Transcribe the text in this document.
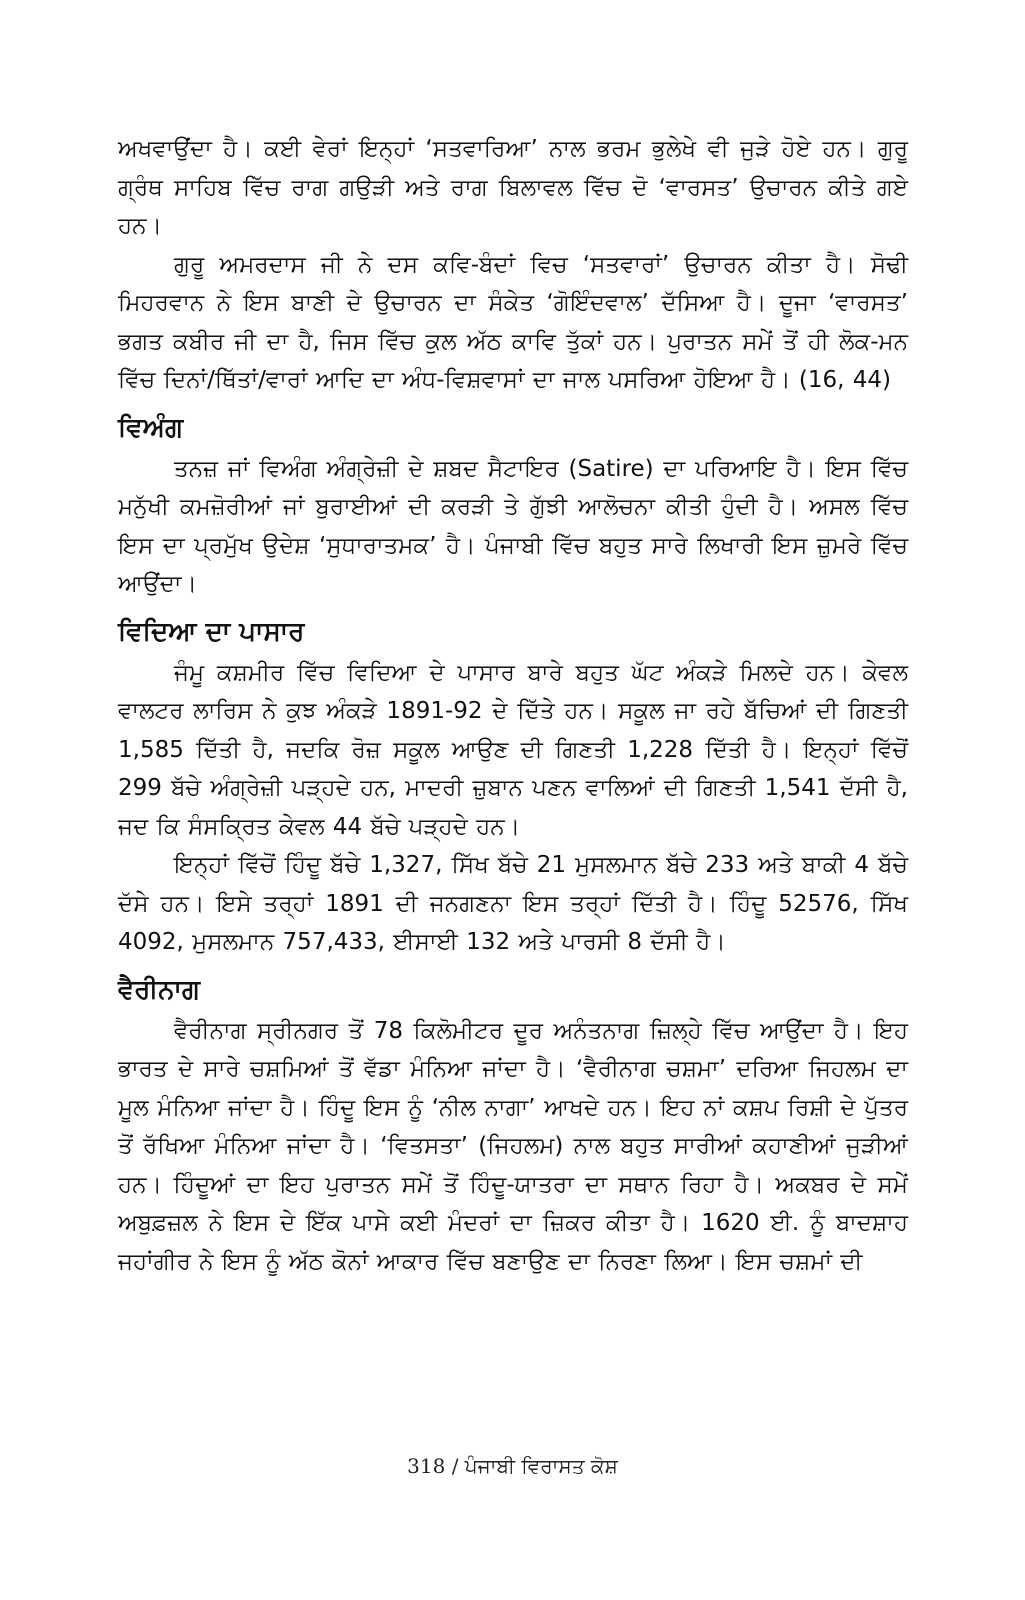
ਅਖਵਾਉਂਦਾ ਹੈ। ਕਈ ਵੇਰਾਂ ਇਨ੍ਹਾਂ ‘ਸਤਵਾਰਿਆ’ ਨਾਲ ਭਰਮ ਭੁਲੇਖੇ ਵੀ ਜੁੜੇ ਹੋਏ ਹਨ। ਗੁਰੂ ਗ੍ਰੰਥ ਸਾਹਿਬ ਵਿੱਚ ਰਾਗ ਗਉੜੀ ਅਤੇ ਰਾਗ ਬਿਲਾਵਲ ਵਿੱਚ ਦੋ ‘ਵਾਰਸਤ’ ਉਚਾਰਨ ਕੀਤੇ ਗਏ ਹਨ।

ਗੁਰੂ ਅਮਰਦਾਸ ਜੀ ਨੇ ਦਸ ਕਵਿ-ਬੰਦਾਂ ਵਿਚ ‘ਸਤਵਾਰਾਂ’ ਉਚਾਰਨ ਕੀਤਾ ਹੈ। ਸੋਢੀ ਮਿਹਰਵਾਨ ਨੇ ਇਸ ਬਾਣੀ ਦੇ ਉਚਾਰਨ ਦਾ ਸੰਕੇਤ ‘ਗੋਇੰਦਵਾਲ’ ਦੱਸਿਆ ਹੈ। ਦੂਜਾ ‘ਵਾਰਸਤ’ ਭਗਤ ਕਬੀਰ ਜੀ ਦਾ ਹੈ, ਜਿਸ ਵਿੱਚ ਕੁਲ ਅੱਠ ਕਾਵਿ ਤੁੱਕਾਂ ਹਨ। ਪੁਰਾਤਨ ਸਮੇਂ ਤੋਂ ਹੀ ਲੋਕ-ਮਨ ਵਿੱਚ ਦਿਨਾਂ/ਥਿੱਤਾਂ/ਵਾਰਾਂ ਆਦਿ ਦਾ ਅੰਧ-ਵਿਸ਼ਵਾਸਾਂ ਦਾ ਜਾਲ ਪਸਰਿਆ ਹੋਇਆ ਹੈ। (16, 44)

ਵਿਅੰਗ

ਤਨਜ਼ ਜਾਂ ਵਿਅੰਗ ਅੰਗ੍ਰੇਜ਼ੀ ਦੇ ਸ਼ਬਦ ਸੈਟਾਇਰ (Satire) ਦਾ ਪਰਿਆਇ ਹੈ। ਇਸ ਵਿੱਚ ਮਨੁੱਖੀ ਕਮਜ਼ੋਰੀਆਂ ਜਾਂ ਬੁਰਾਈਆਂ ਦੀ ਕਰੜੀ ਤੇ ਗੁੱਝੀ ਆਲੋਚਨਾ ਕੀਤੀ ਹੁੰਦੀ ਹੈ। ਅਸਲ ਵਿੱਚ ਇਸ ਦਾ ਪ੍ਰਮੁੱਖ ਉਦੇਸ਼ ‘ਸੁਧਾਰਾਤਮਕ’ ਹੈ। ਪੰਜਾਬੀ ਵਿੱਚ ਬਹੁਤ ਸਾਰੇ ਲਿਖਾਰੀ ਇਸ ਜ਼ੁਮਰੇ ਵਿੱਚ ਆਉਂਦਾ।

ਵਿਦਿਆ ਦਾ ਪਾਸਾਰ

ਜੰਮੂ ਕਸ਼ਮੀਰ ਵਿੱਚ ਵਿਦਿਆ ਦੇ ਪਾਸਾਰ ਬਾਰੇ ਬਹੁਤ ਘੱਟ ਅੰਕੜੇ ਮਿਲਦੇ ਹਨ। ਕੇਵਲ ਵਾਲਟਰ ਲਾਰਿਸ ਨੇ ਕੁਝ ਅੰਕੜੇ 1891-92 ਦੇ ਦਿੱਤੇ ਹਨ। ਸਕੂਲ ਜਾ ਰਹੇ ਬੱਚਿਆਂ ਦੀ ਗਿਣਤੀ 1,585 ਦਿੱਤੀ ਹੈ, ਜਦਕਿ ਰੋਜ਼ ਸਕੂਲ ਆਉਣ ਦੀ ਗਿਣਤੀ 1,228 ਦਿੱਤੀ ਹੈ। ਇਨ੍ਹਾਂ ਵਿੱਚੋਂ 299 ਬੱਚੇ ਅੰਗ੍ਰੇਜ਼ੀ ਪੜ੍ਹਦੇ ਹਨ, ਮਾਦਰੀ ਜ਼ੁਬਾਨ ਪਣਨ ਵਾਲਿਆਂ ਦੀ ਗਿਣਤੀ 1,541 ਦੱਸੀ ਹੈ, ਜਦ ਕਿ ਸੰਸਕ੍ਰਿਤ ਕੇਵਲ 44 ਬੱਚੇ ਪੜ੍ਹਦੇ ਹਨ।

ਇਨ੍ਹਾਂ ਵਿੱਚੋਂ ਹਿੰਦੂ ਬੱਚੇ 1,327, ਸਿੱਖ ਬੱਚੇ 21 ਮੁਸਲਮਾਨ ਬੱਚੇ 233 ਅਤੇ ਬਾਕੀ 4 ਬੱਚੇ ਦੱਸੇ ਹਨ। ਇਸੇ ਤਰ੍ਹਾਂ 1891 ਦੀ ਜਨਗਣਨਾ ਇਸ ਤਰ੍ਹਾਂ ਦਿੱਤੀ ਹੈ। ਹਿੰਦੂ 52576, ਸਿੱਖ 4092, ਮੁਸਲਮਾਨ 757,433, ਈਸਾਈ 132 ਅਤੇ ਪਾਰਸੀ 8 ਦੱਸੀ ਹੈ।

ਵੈਰੀਨਾਗ

ਵੈਰੀਨਾਗ ਸ੍ਰੀਨਗਰ ਤੋਂ 78 ਕਿਲੋਮੀਟਰ ਦੂਰ ਅਨੰਤਨਾਗ ਜ਼ਿਲ੍ਹੇ ਵਿੱਚ ਆਉਂਦਾ ਹੈ। ਇਹ ਭਾਰਤ ਦੇ ਸਾਰੇ ਚਸ਼ਮਿਆਂ ਤੋਂ ਵੱਡਾ ਮੰਨਿਆ ਜਾਂਦਾ ਹੈ। ‘ਵੈਰੀਨਾਗ ਚਸ਼ਮਾ’ ਦਰਿਆ ਜਿਹਲਮ ਦਾ ਮੂਲ ਮੰਨਿਆ ਜਾਂਦਾ ਹੈ। ਹਿੰਦੂ ਇਸ ਨੂੰ ‘ਨੀਲ ਨਾਗਾ’ ਆਖਦੇ ਹਨ। ਇਹ ਨਾਂ ਕਸ਼ਪ ਰਿਸ਼ੀ ਦੇ ਪੁੱਤਰ ਤੋਂ ਰੱਖਿਆ ਮੰਨਿਆ ਜਾਂਦਾ ਹੈ। ‘ਵਿਤਸਤਾ’ (ਜਿਹਲਮ) ਨਾਲ ਬਹੁਤ ਸਾਰੀਆਂ ਕਹਾਣੀਆਂ ਜੁੜੀਆਂ ਹਨ। ਹਿੰਦੂਆਂ ਦਾ ਇਹ ਪੁਰਾਤਨ ਸਮੇਂ ਤੋਂ ਹਿੰਦੂ-ਯਾਤਰਾ ਦਾ ਸਥਾਨ ਰਿਹਾ ਹੈ। ਅਕਬਰ ਦੇ ਸਮੇਂ ਅਬੁਫ਼ਜ਼ਲ ਨੇ ਇਸ ਦੇ ਇੱਕ ਪਾਸੇ ਕਈ ਮੰਦਰਾਂ ਦਾ ਜ਼ਿਕਰ ਕੀਤਾ ਹੈ। 1620 ਈ. ਨੂੰ ਬਾਦਸ਼ਾਹ ਜਹਾਂਗੀਰ ਨੇ ਇਸ ਨੂੰ ਅੱਠ ਕੋਨਾਂ ਆਕਾਰ ਵਿੱਚ ਬਣਾਉਣ ਦਾ ਨਿਰਣਾ ਲਿਆ। ਇਸ ਚਸ਼ਮਾਂ ਦੀ

318 / ਪੰਜਾਬੀ ਵਿਰਾਸਤ ਕੋਸ਼
